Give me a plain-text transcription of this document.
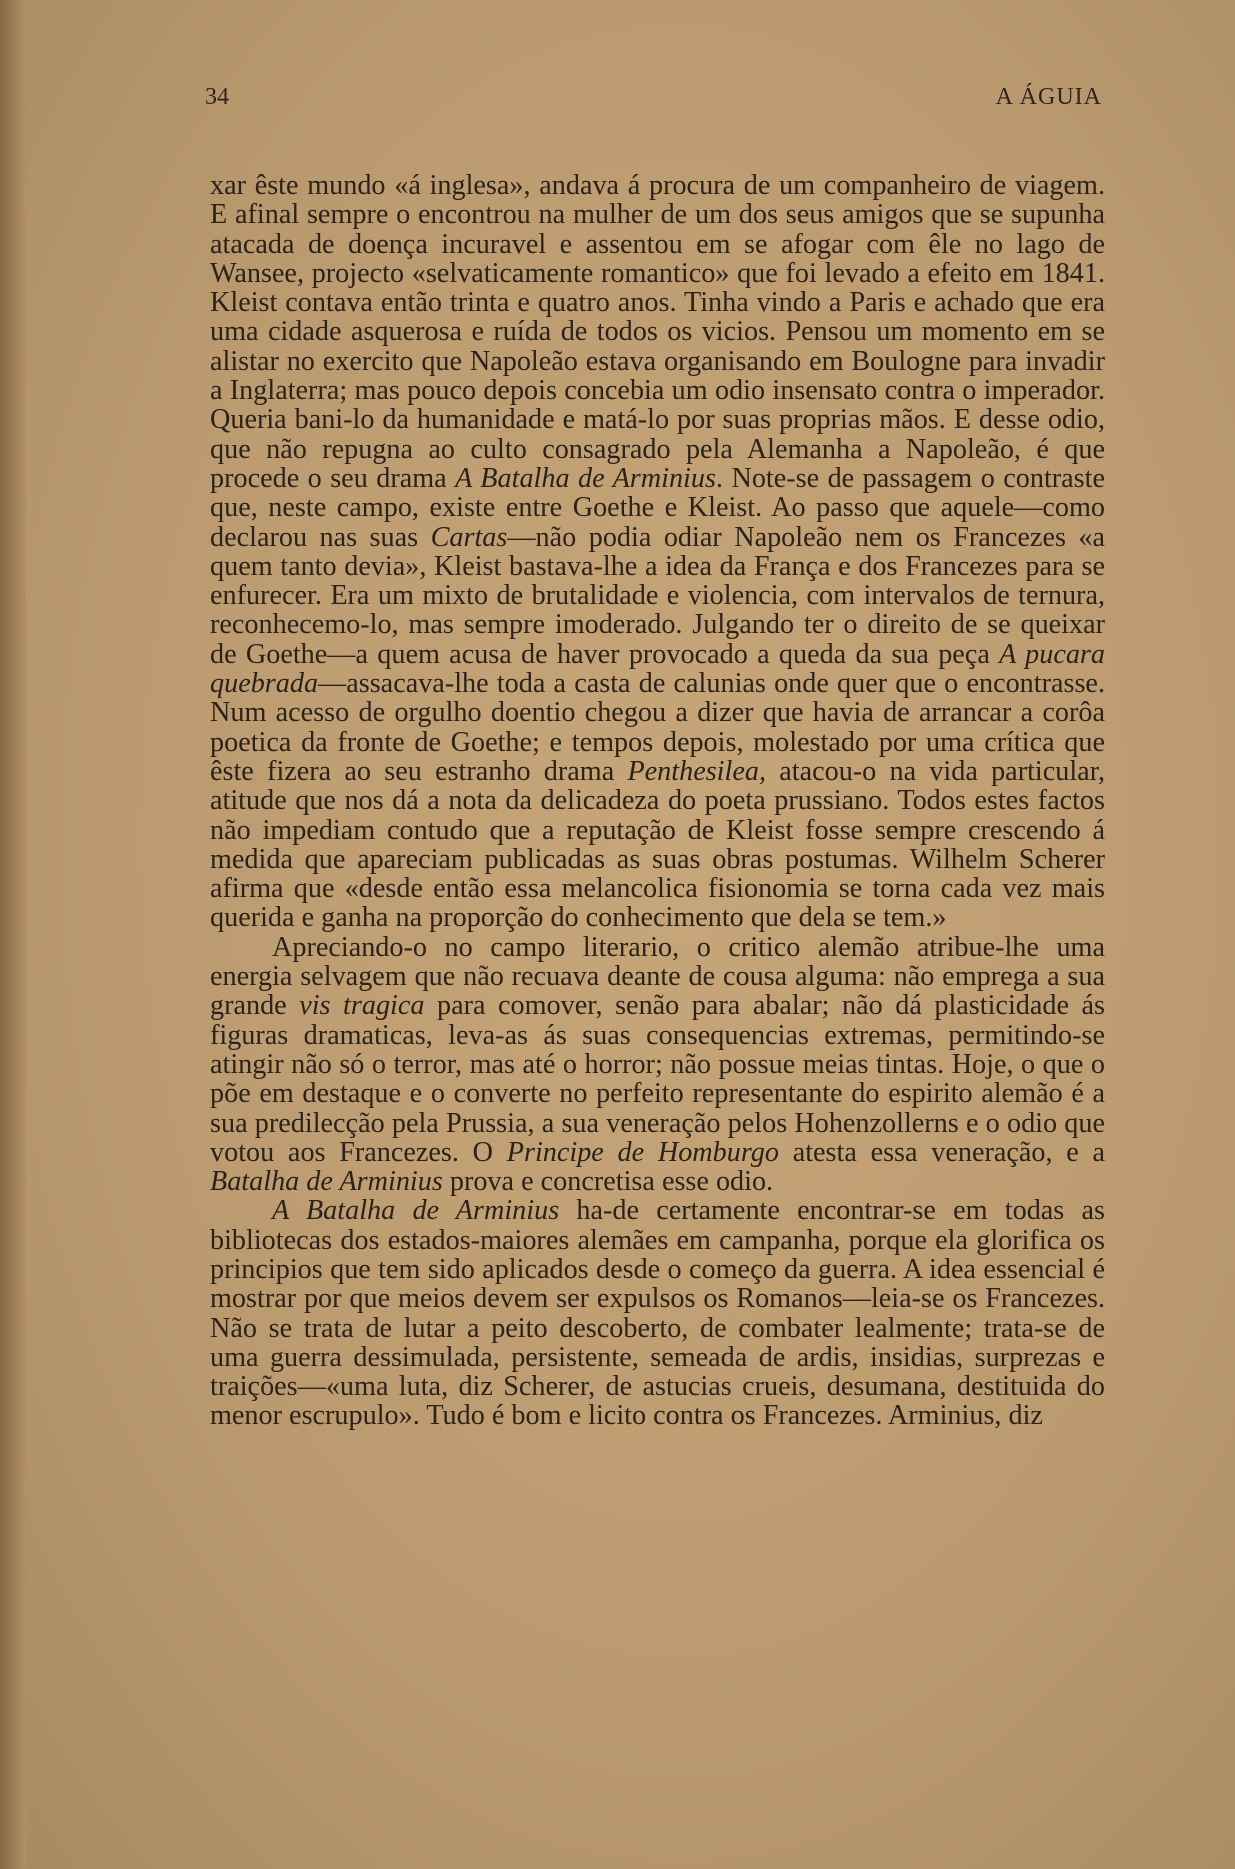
34	A ÁGUIA

xar êste mundo «á inglesa», andava á procura de um companheiro de viagem. E afinal sempre o encontrou na mulher de um dos seus amigos que se supunha atacada de doença incuravel e assentou em se afogar com êle no lago de Wansee, projecto «selvaticamente romantico» que foi levado a efeito em 1841. Kleist contava então trinta e quatro anos. Tinha vindo a Paris e achado que era uma cidade asquerosa e ruída de todos os vicios. Pensou um momento em se alistar no exercito que Napoleão estava organisando em Boulogne para invadir a Inglaterra; mas pouco depois concebia um odio insensato contra o imperador. Queria bani-lo da humanidade e matá-lo por suas proprias mãos. E desse odio, que não repugna ao culto consagrado pela Alemanha a Napoleão, é que procede o seu drama A Batalha de Arminius. Note-se de passagem o contraste que, neste campo, existe entre Goethe e Kleist. Ao passo que aquele—como declarou nas suas Cartas—não podia odiar Napoleão nem os Francezes «a quem tanto devia», Kleist bastava-lhe a idea da França e dos Francezes para se enfurecer. Era um mixto de brutalidade e violencia, com intervalos de ternura, reconhecemo-lo, mas sempre imoderado. Julgando ter o direito de se queixar de Goethe—a quem acusa de haver provocado a queda da sua peça A pucara quebrada—assacava-lhe toda a casta de calunias onde quer que o encontrasse. Num acesso de orgulho doentio chegou a dizer que havia de arrancar a corôa poetica da fronte de Goethe; e tempos depois, molestado por uma crítica que êste fizera ao seu estranho drama Penthesilea, atacou-o na vida particular, atitude que nos dá a nota da delicadeza do poeta prussiano. Todos estes factos não impediam contudo que a reputação de Kleist fosse sempre crescendo á medida que apareciam publicadas as suas obras postumas. Wilhelm Scherer afirma que «desde então essa melancolica fisionomia se torna cada vez mais querida e ganha na proporção do conhecimento que dela se tem.»

Apreciando-o no campo literario, o critico alemão atribue-lhe uma energia selvagem que não recuava deante de cousa alguma: não emprega a sua grande vis tragica para comover, senão para abalar; não dá plasticidade ás figuras dramaticas, leva-as ás suas consequencias extremas, permitindo-se atingir não só o terror, mas até o horror; não possue meias tintas. Hoje, o que o põe em destaque e o converte no perfeito representante do espirito alemão é a sua predilecção pela Prussia, a sua veneração pelos Hohenzollerns e o odio que votou aos Francezes. O Principe de Homburgo atesta essa veneração, e a Batalha de Arminius prova e concretisa esse odio.

A Batalha de Arminius ha-de certamente encontrar-se em todas as bibliotecas dos estados-maiores alemães em campanha, porque ela glorifica os principios que tem sido aplicados desde o começo da guerra. A idea essencial é mostrar por que meios devem ser expulsos os Romanos—leia-se os Francezes. Não se trata de lutar a peito descoberto, de combater lealmente; trata-se de uma guerra dessimulada, persistente, semeada de ardis, insidias, surprezas e traições—«uma luta, diz Scherer, de astucias crueis, desumana, destituida do menor escrupulo». Tudo é bom e licito contra os Francezes. Arminius, diz
